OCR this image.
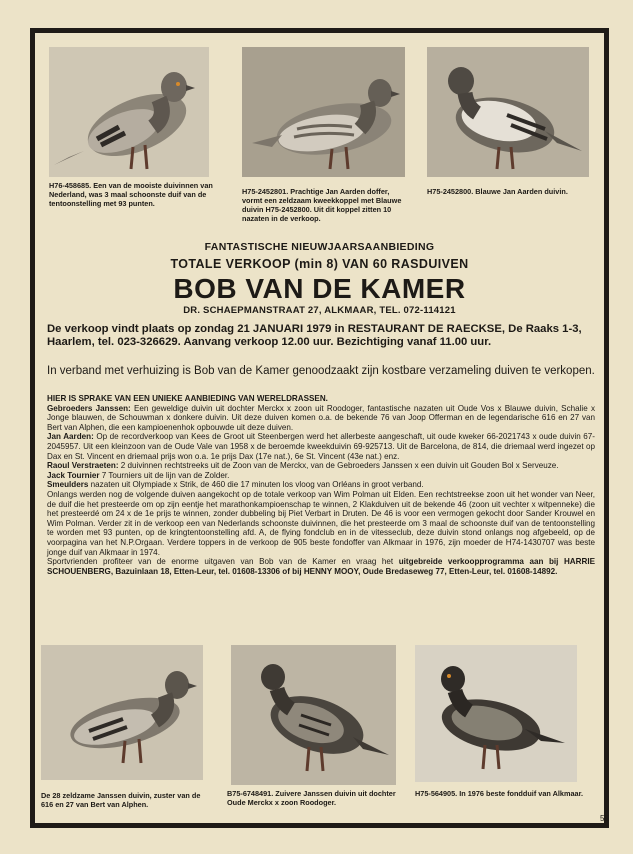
H76-458685. Een van de mooiste duivinnen van Nederland, was 3 maal schoonste duif van de tentoonstelling met 93 punten.
H75-2452801. Prachtige Jan Aarden doffer, vormt een zeldzaam kweekkoppel met Blauwe duivin H75-2452800. Uit dit koppel zitten 10 nazaten in de verkoop.
H75-2452800. Blauwe Jan Aarden duivin.
FANTASTISCHE NIEUWJAARSAANBIEDING
TOTALE VERKOOP (min 8) VAN 60 RASDUIVEN
BOB VAN DE KAMER
DR. SCHAEPMANSTRAAT 27, ALKMAAR, TEL. 072-114121
De verkoop vindt plaats op zondag 21 JANUARI 1979 in RESTAURANT DE RAECKSE, De Raaks 1-3, Haarlem, tel. 023-326629. Aanvang verkoop 12.00 uur. Bezichtiging vanaf 11.00 uur.
In verband met verhuizing is Bob van de Kamer genoodzaakt zijn kostbare verzameling duiven te verkopen.

HIER IS SPRAKE VAN EEN UNIEKE AANBIEDING VAN WERELDRASSEN.

Gebroeders Janssen: Een geweldige duivin uit dochter Merckx x zoon uit Roodoger, fantastische nazaten uit Oude Vos x Blauwe duivin, Schalie x Jonge blauwen, de Schouwman x donkere duivin. Uit deze duiven komen o.a. de bekende 76 van Joop Offerman en de legendarische 616 en 27 van Bert van Alphen, die een kampioenenhok opbouwde uit deze duiven.

Jan Aarden: Op de recordverkoop van Kees de Groot uit Steenbergen werd het allerbeste aangeschaft, uit oude kweker 66-2021743 x oude duivin 67-2045957. Uit een kleinzoon van de Oude Vale van 1958 x de beroemde kweekduivin 69-925713. Uit de Barcelona, de 814, die driemaal werd ingezet op Dax en St. Vincent en driemaal prijs won o.a. 1e prijs Dax (17e nat.), 6e St. Vincent (43e nat.) enz.

Raoul Verstraeten: 2 duivinnen rechtstreeks uit de Zoon van de Merckx, van de Gebroeders Janssen x een duivin uit Gouden Bol x Serveuze.

Jack Tournier 7 Tourniers uit de lijn van de Zolder.

Smeulders nazaten uit Olympiade x Strik, de 460 die 17 minuten los vloog van Orléans in groot verband.

Onlangs werden nog de volgende duiven aangekocht op de totale verkoop van Wim Polman uit Elden. Een rechtstreekse zoon uit het wonder van Neer, de duif die het presteerde om op zijn eentje het marathonkampioenschap te winnen, 2 Klakduiven uit de bekende 46 (zoon uit vechter x witpenneke) die het presteerdé om 24 x de 1e prijs te winnen, zonder dubbeling bij Piet Verbart in Druten. De 46 is voor een vermogen gekocht door Sander Krouwel en Wim Polman. Verder zit in de verkoop een van Nederlands schoonste duivinnen, die het presteerde om 3 maal de schoonste duif van de tentoonstelling te worden met 93 punten, op de kringtentoonstelling afd. A, de flying fondclub en in de vitesseclub, deze duivin stond onlangs nog afgebeeld, op de voorpagina van het N.P.Orgaan. Verdere toppers in de verkoop de 905 beste fondoffer van Alkmaar in 1976, zijn moeder de H74-1430707 was beste jonge duif van Alkmaar in 1974.

Sportvrienden profiteer van de enorme uitgaven van Bob van de Kamer en vraag het uitgebreide verkoopprogramma aan bij HARRIE SCHOUENBERG, Bazuinlaan 18, Etten-Leur, tel. 01608-13306 of bij HENNY MOOY, Oude Bredaseweg 77, Etten-Leur, tel. 01608-14892.

De 28 zeldzame Janssen duivin, zuster van de 616 en 27 van Bert van Alphen.
B75-6748491. Zuivere Janssen duivin uit dochter Oude Merckx x zoon Roodoger.
H75-564905. In 1976 beste fondduif van Alkmaar.
55
